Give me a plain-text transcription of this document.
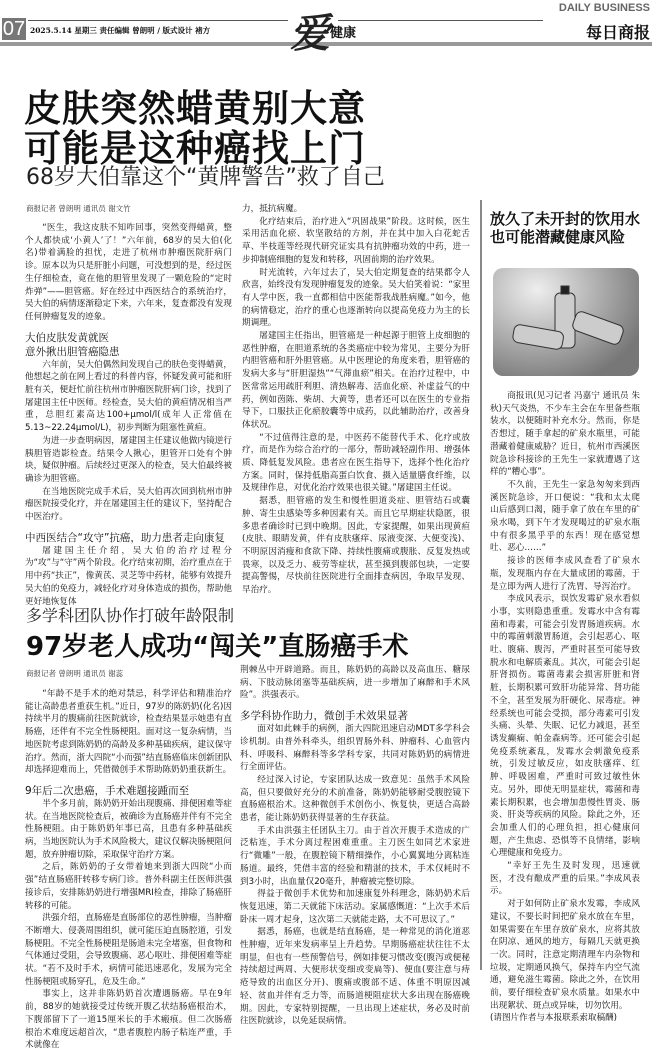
07 2025.5.14 星期三 责任编辑 曾朗明 / 版式设计 褚方 爱 健康
DAILY BUSINESS
每日商报
皮肤突然蜡黄别大意
可能是这种癌找上门
68岁大伯靠这个“黄牌警告”救了自己
商报记者 曾朗明 通讯员 谢文竹

“医生，我这皮肤不知咋回事，突然变得蜡黄，整个人都快成‘小黄人’了！”六年前，68岁的吴大伯(化名)带着满脸的担忧，走进了杭州市肿瘤医院肝病门诊。原本以为只是肝脏小问题，可没想到的是，经过医生仔细检查，竟在他的胆管里发现了一颗危险的“定时炸弹”——胆管癌。好在经过中西医结合的系统治疗，吴大伯的病情逐渐稳定下来，六年来，复查都没有发现任何肿瘤复发的迹象。

大伯皮肤发黄就医
意外揪出胆管癌隐患

六年前，吴大伯偶然间发现自己的肤色变得蜡黄，他想起之前在网上看过的科普内容，怀疑发黄可能和肝脏有关，便赶忙前往杭州市肿瘤医院肝病门诊，找到了屠建国主任中医师。经检查，吴大伯的黄疸情况相当严重，总胆红素高达100+μmol/l(成年人正常值在5.13~22.24μmol/L)，初步判断为阻塞性黄疸。

为进一步查明病因，屠建国主任建议他做内镜逆行胰胆管造影检查。结果令人揪心，胆管开口处有个肿块，疑似肿瘤。后续经过更深入的检查，吴大伯最终被确诊为胆管癌。

在当地医院完成手术后，吴大伯再次回到杭州市肿瘤医院接受化疗，并在屠建国主任的建议下，坚持配合中医治疗。

中西医结合“攻守”抗癌，助力患者走向康复

屠建国主任介绍，吴大伯的治疗过程分为“攻”与“守”两个阶段。化疗结束初期，治疗重点在于用中药“扶正”，像黄芪、灵芝等中药材，能够有效提升吴大伯的免疫力，减轻化疗对身体造成的损伤，帮助他更好地恢复体

力，抵抗病魔。

化疗结束后，治疗进入“巩固战果”阶段。这时候，医生采用活血化瘀、软坚散结的方剂，并在其中加入白花蛇舌草、半枝莲等经现代研究证实具有抗肿瘤功效的中药，进一步抑制癌细胞的复发和转移，巩固前期的治疗效果。

时光流转，六年过去了，吴大伯定期复查的结果都令人欣喜，始终没有发现肿瘤复发的迹象。吴大伯笑着说：“家里有人学中医，我一直都相信中医能帮我战胜病魔。”如今，他的病情稳定，治疗的重心也逐渐转向以提高免疫力为主的长期调理。

屠建国主任指出，胆管癌是一种起源于胆管上皮细胞的恶性肿瘤，在胆道系统的各类癌症中较为常见，主要分为肝内胆管癌和肝外胆管癌。从中医理论的角度来看，胆管癌的发病大多与“肝胆湿热”“气滞血瘀”相关。在治疗过程中，中医常常运用疏肝利胆、清热解毒、活血化瘀、补虚益气的中药，例如茵陈、柴胡、大黄等，患者还可以在医生的专业指导下，口服扶正化瘀胶囊等中成药，以此辅助治疗，改善身体状况。

“不过值得注意的是，中医药不能替代手术、化疗或放疗，而是作为综合治疗的一部分，帮助减轻副作用、增强体质、降低复发风险。患者应在医生指导下，选择个性化治疗方案。同时，保持低脂高蛋白饮食、摄入适量膳食纤维，以及规律作息，对优化治疗效果也很关键。”屠建国主任说。

据悉，胆管癌的发生和慢性胆道炎症、胆管结石或囊肿、寄生虫感染等多种因素有关。而且它早期症状隐匿，很多患者确诊时已到中晚期。因此，专家提醒，如果出现黄疸(皮肤、眼睛发黄，伴有皮肤瘙痒、尿液变深、大便变浅)、不明原因消瘦和食欲下降、持续性腹痛或腹胀、反复发热或畏寒，以及乏力、疲劳等症状，甚至摸到腹部包块，一定要提高警惕，尽快前往医院进行全面排查病因，争取早发现、早治疗。

多学科团队协作打破年龄限制
97岁老人成功“闯关”直肠癌手术
商报记者 曾朗明 通讯员 谢蕊

“年龄不是手术的绝对禁忌，科学评估和精准治疗能让高龄患者重获生机。”近日，97岁的陈奶奶(化名)因持续半月的腹痛前往医院就诊，检查结果显示她患有直肠癌，还伴有不完全性肠梗阻。面对这一复杂病情，当地医院考虑到陈奶奶的高龄及多种基础疾病，建议保守治疗。然而，浙大四院“小而强”结直肠癌临床创新团队却选择迎难而上，凭借微创手术帮助陈奶奶重获新生。

9年后二次患癌，手术难题接踵而至

半个多月前，陈奶奶开始出现腹痛、排便困难等症状。在当地医院检查后，被确诊为直肠癌并伴有不完全性肠梗阻。由于陈奶奶年事已高，且患有多种基础疾病，当地医院认为手术风险极大，建议仅解决肠梗阻问题，放弃肿瘤切除，采取保守治疗方案。

之后，陈奶奶的子女带着她来到浙大四院“小而强”结直肠癌肝转移专病门诊。普外科副主任医师洪强接诊后，安排陈奶奶进行增强MRI检查，排除了肠癌肝转移的可能。

洪强介绍，直肠癌是直肠部位的恶性肿瘤，当肿瘤不断增大、侵袭周围组织，就可能压迫直肠腔道，引发肠梗阻。不完全性肠梗阻是肠道未完全堵塞，但食物和气体通过受阻，会导致腹痛、恶心呕吐、排便困难等症状。“若不及时手术，病情可能迅速恶化，发展为完全性肠梗阻或肠穿孔，危及生命。”

事实上，这并非陈奶奶首次遭遇肠癌。早在9年前，88岁的她就接受过传统开腹乙状结肠癌根治术，下腹部留下了一道15厘米长的手术瘢痕。但二次肠癌根治术难度远超首次，“患者腹腔内肠子粘连严重，手术就像在

荆棘丛中开辟道路。而且，陈奶奶的高龄以及高血压、糖尿病、下肢动脉闭塞等基础疾病，进一步增加了麻醉和手术风险”。洪强表示。

多学科协作助力，微创手术效果显著

面对如此棘手的病例，浙大四院迅速启动MDT多学科会诊机制。由普外科牵头，组织胃肠外科、肿瘤科、心血管内科、呼吸科、麻醉科等多学科专家，共同对陈奶奶的病情进行全面评估。

经过深入讨论，专家团队达成一致意见：虽然手术风险高，但只要做好充分的术前准备，陈奶奶能够耐受腹腔镜下直肠癌根治术。这种微创手术创伤小、恢复快，更适合高龄患者，能让陈奶奶获得显著的生存获益。

手术由洪强主任团队主刀。由于首次开腹手术造成的广泛粘连，手术分离过程困难重重。主刀医生如同艺术家进行“微雕”一般，在腹腔镜下精细操作，小心翼翼地分离粘连肠道。最终，凭借丰富的经验和精湛的技术，手术仅耗时不到3小时，出血量仅20毫升，肿瘤被完整切除。

得益于微创手术优势和加速康复外科理念，陈奶奶术后恢复迅速，第二天就能下床活动。家属感慨道：“上次手术后卧床一周才起身，这次第二天就能走路，太不可思议了。”

据悉，肠癌，也就是结直肠癌，是一种常见的消化道恶性肿瘤，近年来发病率呈上升趋势。早期肠癌症状往往不太明显，但也有一些预警信号，例如排便习惯改变(腹泻或便秘持续超过两周、大便形状变细或变扁等)、便血(要注意与痔疮导致的出血区分开)、腹痛或腹部不适、体重不明原因减轻、贫血并伴有乏力等，而肠道梗阻症状大多出现在肠癌晚期。因此，专家特别提醒，一旦出现上述症状，务必及时前往医院就诊，以免延误病情。

放久了未开封的饮用水
也可能潜藏健康风险

商报讯(见习记者 冯嘉宁 通讯员 朱秋)天气炎热，不少车主会在车里备些瓶装水，以便随时补充水分。然而，你是否想过，随手拿起的矿泉水瓶里，可能潜藏着健康威胁？近日，杭州市西溪医院急诊科接诊的王先生一家就遭遇了这样的“糟心事”。

不久前，王先生一家急匆匆来到西溪医院急诊，开口便说：“我和太太爬山后感到口渴，随手拿了放在车里的矿泉水喝，到下午才发现喝过的矿泉水瓶中有很多黑乎乎的东西！现在感觉想吐、恶心……”

接诊的医师李成风查看了矿泉水瓶，发现瓶内存在大量成团的霉菌，于是立即为两人进行了洗胃、导泻治疗。

李成风表示，误饮发霉矿泉水看似小事，实则隐患重重。发霉水中含有霉菌和毒素，可能会引发胃肠道疾病。水中的霉菌刺激胃肠道，会引起恶心、呕吐、腹痛、腹泻，严重时甚至可能导致脱水和电解质紊乱。其次，可能会引起肝肾损伤。霉菌毒素会损害肝脏和肾脏，长期积累可致肝功能异常、肾功能不全，甚至发展为肝硬化、尿毒症。神经系统也可能会受损，部分毒素可引发头痛、头晕、失眠、记忆力减退，甚至诱发癫痫、帕金森病等。还可能会引起免疫系统紊乱，发霉水会刺激免疫系统，引发过敏反应，如皮肤瘙痒、红肿、呼吸困难，严重时可致过敏性休克。另外，即使无明显症状，霉菌和毒素长期积累，也会增加患慢性胃炎、肠炎、肝炎等疾病的风险。除此之外，还会加重人们的心理负担，担心健康问题，产生焦虑、恐惧等不良情绪，影响心理健康和免疫力。

“幸好王先生及时发现，迅速就医，才没有酿成严重的后果。”李成风表示。

对于如何防止矿泉水发霉，李成风建议，不要长时间把矿泉水放在车里，如果需要在车里存放矿泉水，应将其放在阴凉、通风的地方，每隔几天就更换一次。同时，注意定期清理车内杂物和垃圾，定期通风换气，保持车内空气流通，避免滋生霉菌。除此之外，在饮用前，要仔细检查矿泉水质量。如果水中出现絮状、斑点或异味，切勿饮用。

(请图片作者与本报联系索取稿酬)
